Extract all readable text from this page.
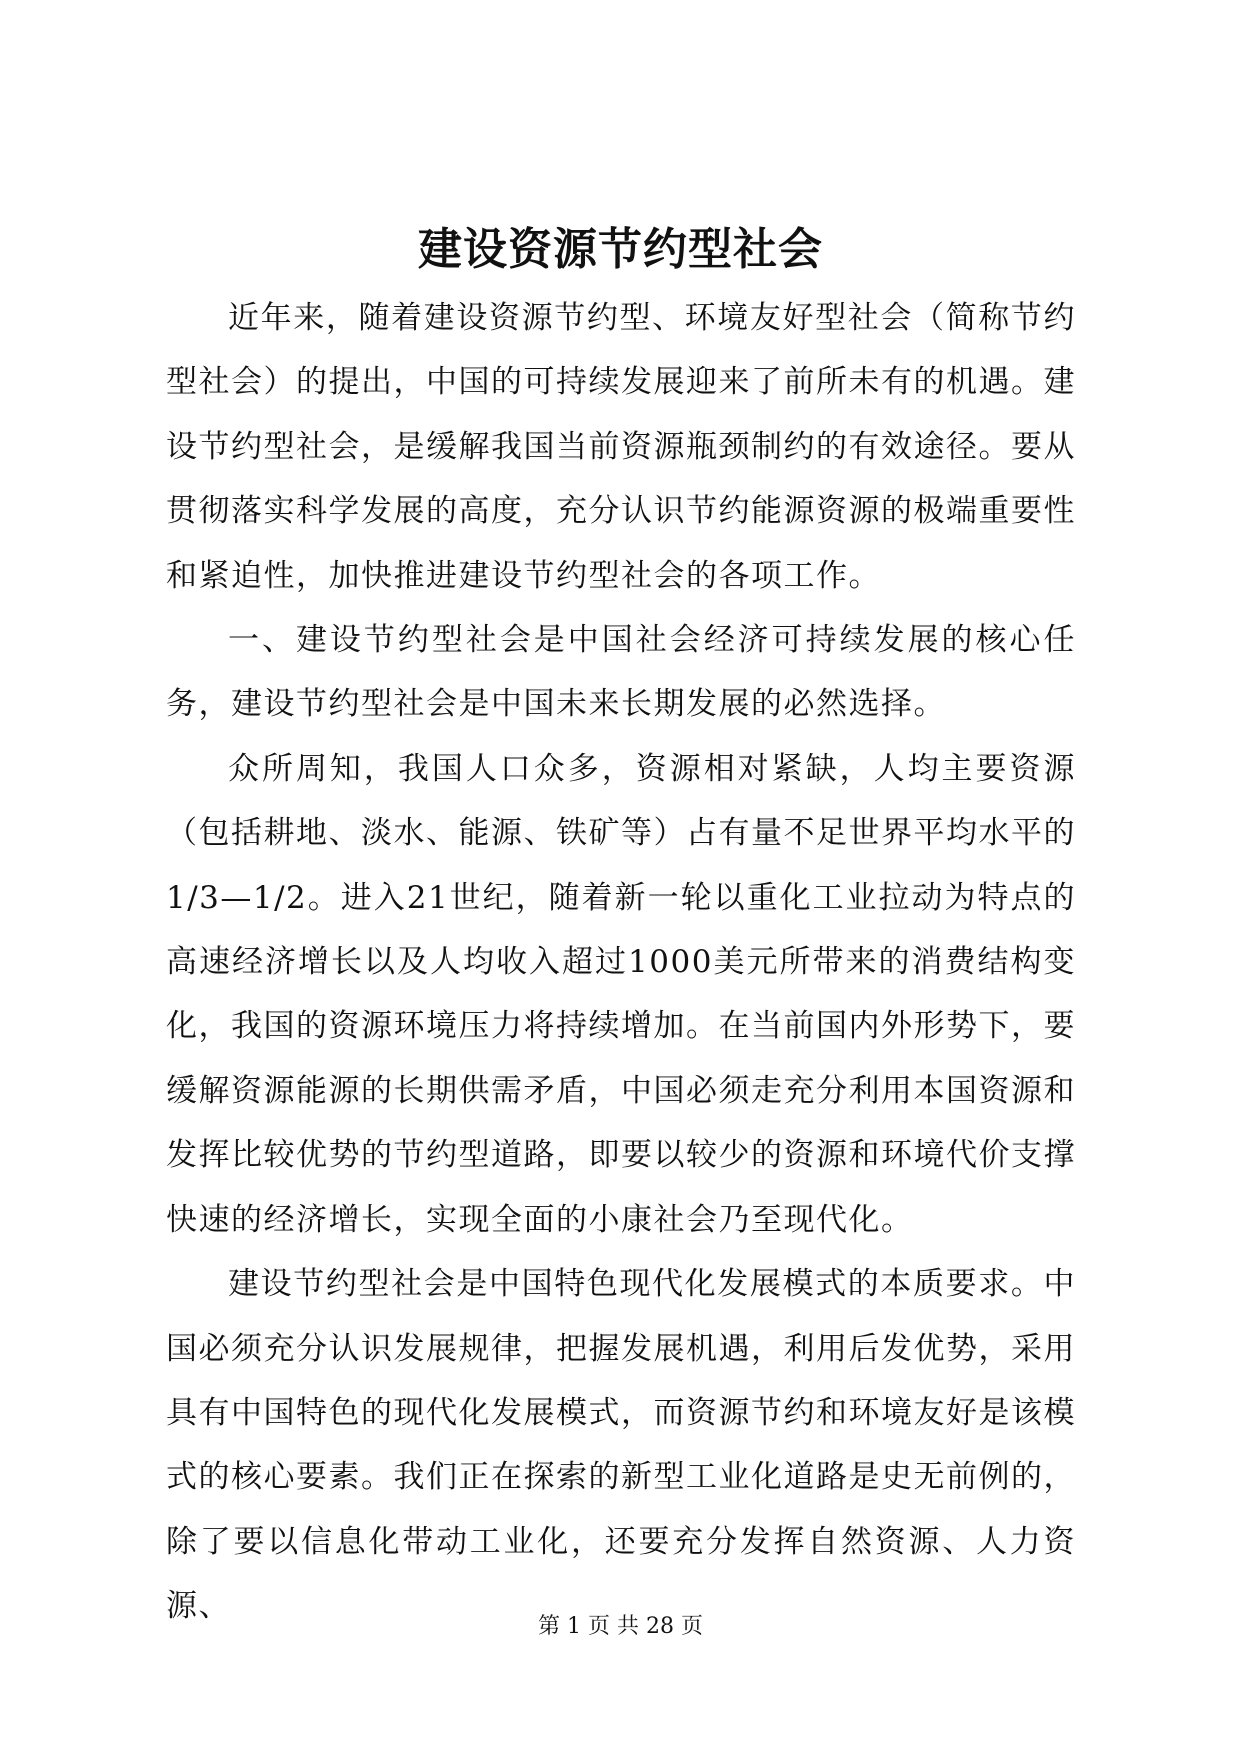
建设资源节约型社会

近年来，随着建设资源节约型、环境友好型社会（简称节约型社会）的提出，中国的可持续发展迎来了前所未有的机遇。建设节约型社会，是缓解我国当前资源瓶颈制约的有效途径。要从贯彻落实科学发展的高度，充分认识节约能源资源的极端重要性和紧迫性，加快推进建设节约型社会的各项工作。

一、建设节约型社会是中国社会经济可持续发展的核心任务，建设节约型社会是中国未来长期发展的必然选择。

众所周知，我国人口众多，资源相对紧缺，人均主要资源（包括耕地、淡水、能源、铁矿等）占有量不足世界平均水平的1/3—1/2。进入21世纪，随着新一轮以重化工业拉动为特点的高速经济增长以及人均收入超过1000美元所带来的消费结构变化，我国的资源环境压力将持续增加。在当前国内外形势下，要缓解资源能源的长期供需矛盾，中国必须走充分利用本国资源和发挥比较优势的节约型道路，即要以较少的资源和环境代价支撑快速的经济增长，实现全面的小康社会乃至现代化。

建设节约型社会是中国特色现代化发展模式的本质要求。中国必须充分认识发展规律，把握发展机遇，利用后发优势，采用具有中国特色的现代化发展模式，而资源节约和环境友好是该模式的核心要素。我们正在探索的新型工业化道路是史无前例的，除了要以信息化带动工业化，还要充分发挥自然资源、人力资源、

第 1 页 共 28 页
